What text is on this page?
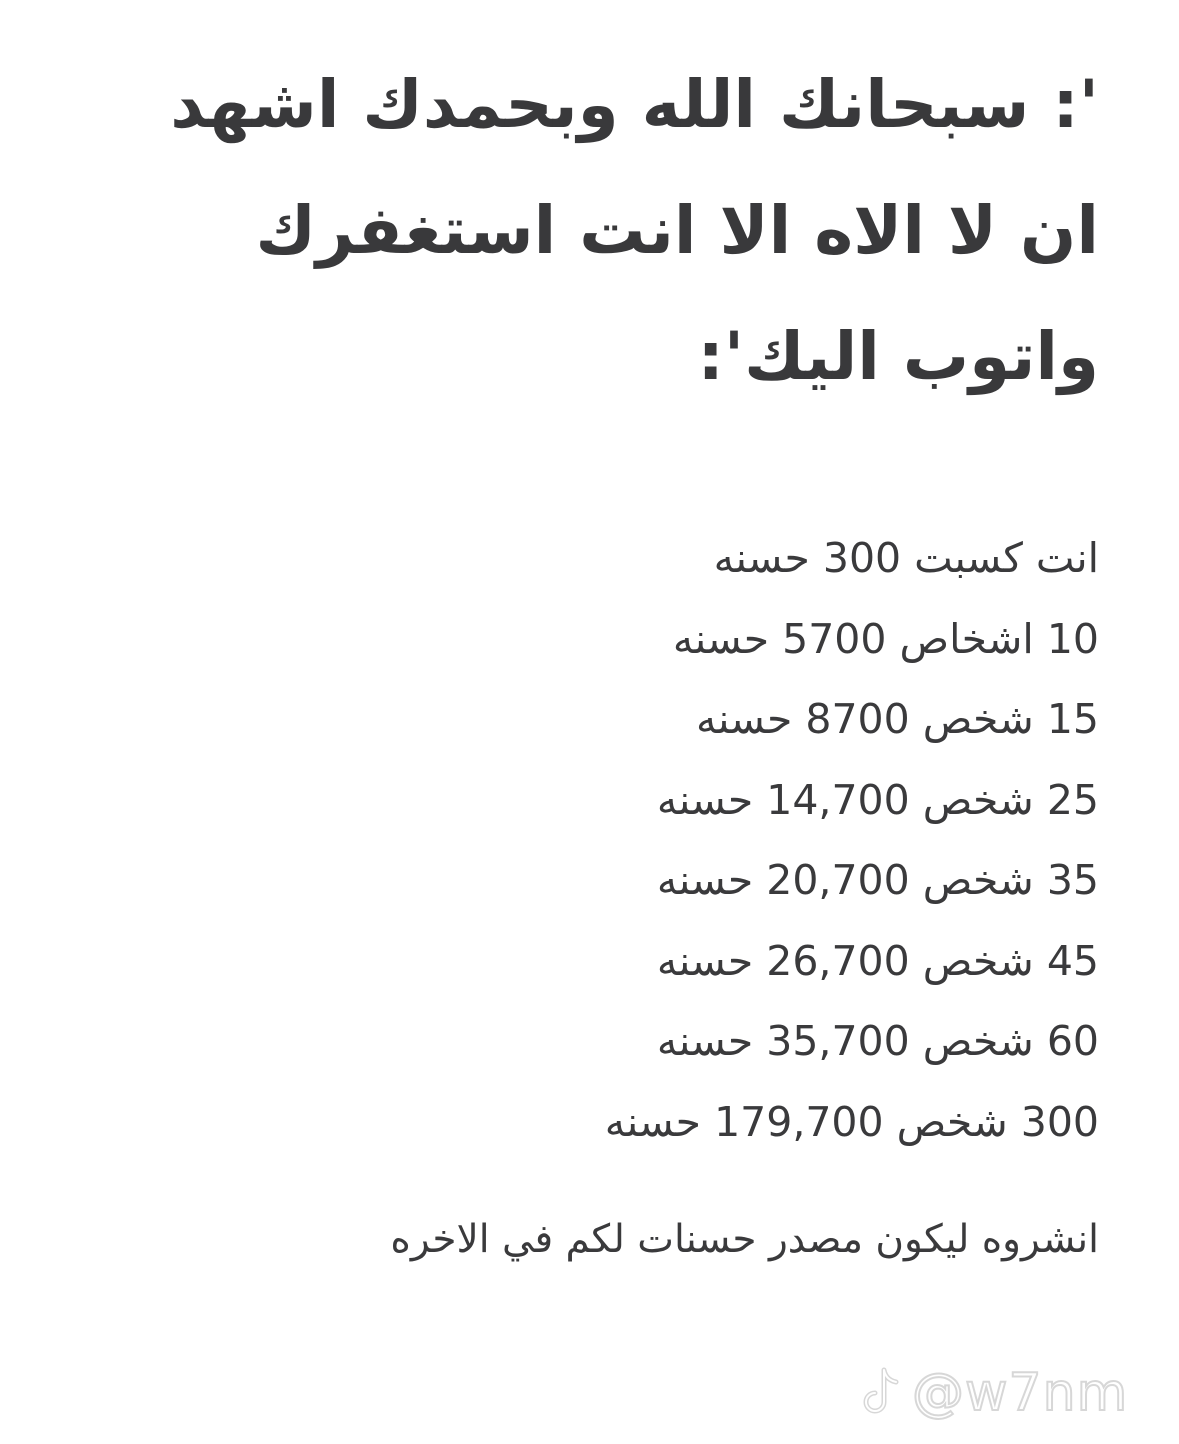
': سبحانك الله وبحمدك اشهد
ان لا الاه الا انت استغفرك
واتوب اليك':
انت كسبت 300 حسنه
10 اشخاص 5700 حسنه
15 شخص 8700 حسنه
25 شخص 14,700 حسنه
35 شخص 20,700 حسنه
45 شخص 26,700 حسنه
60 شخص 35,700 حسنه
300 شخص 179,700 حسنه
انشروه ليكون مصدر حسنات لكم في الاخره
@w7nm
